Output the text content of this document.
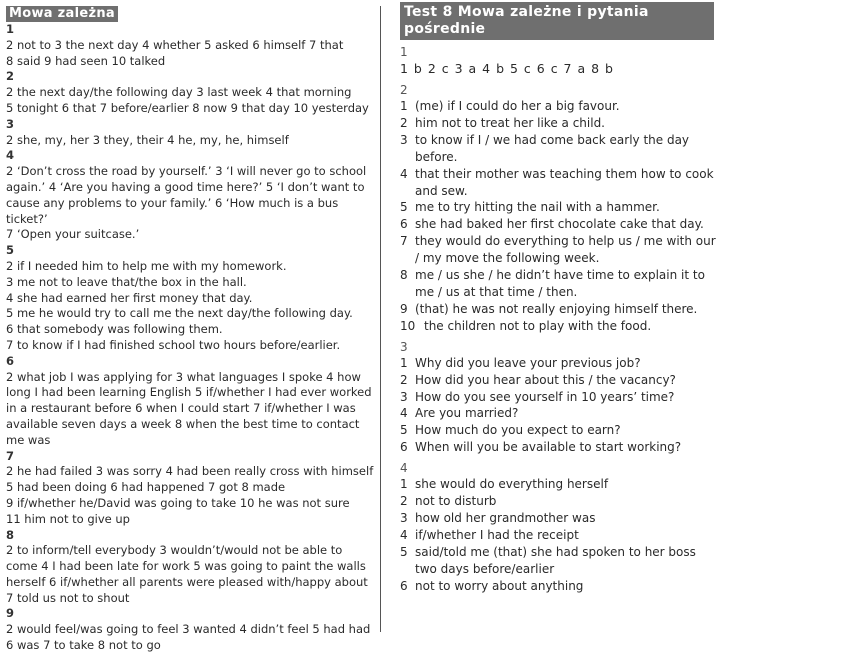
Mowa zależna
1
2 not to 3 the next day 4 whether 5 asked 6 himself 7 that
8 said 9 had seen 10 talked
2
2 the next day/the following day 3 last week 4 that morning
5 tonight 6 that 7 before/earlier 8 now 9 that day 10 yesterday
3
2 she, my, her 3 they, their 4 he, my, he, himself
4
2 ‘Don’t cross the road by yourself.’ 3 ‘I will never go to school
again.’ 4 ‘Are you having a good time here?’ 5 ‘I don’t want to
cause any problems to your family.’ 6 ‘How much is a bus ticket?’
7 ‘Open your suitcase.’
5
2 if I needed him to help me with my homework.
3 me not to leave that/the box in the hall.
4 she had earned her first money that day.
5 me he would try to call me the next day/the following day.
6 that somebody was following them.
7 to know if I had finished school two hours before/earlier.
6
2 what job I was applying for 3 what languages I spoke 4 how
long I had been learning English 5 if/whether I had ever worked
in a restaurant before 6 when I could start 7 if/whether I was
available seven days a week 8 when the best time to contact me was
7
2 he had failed 3 was sorry 4 had been really cross with himself
5 had been doing 6 had happened 7 got 8 made
9 if/whether he/David was going to take 10 he was not sure
11 him not to give up
8
2 to inform/tell everybody 3 wouldn’t/would not be able to
come 4 I had been late for work 5 was going to paint the walls
herself 6 if/whether all parents were pleased with/happy about
7 told us not to shout
9
2 would feel/was going to feel 3 wanted 4 didn’t feel 5 had had
6 was 7 to take 8 not to go
Test 8 Mowa zależne i pytania pośrednie
1
1 b 2 c 3 a 4 b 5 c 6 c 7 a 8 b
2
1 (me) if I could do her a big favour.
2 him not to treat her like a child.
3 to know if I / we had come back early the day before.
4 that their mother was teaching them how to cook and sew.
5 me to try hitting the nail with a hammer.
6 she had baked her first chocolate cake that day.
7 they would do everything to help us / me with our / my move the following week.
8 me / us she / he didn’t have time to explain it to me / us at that time / then.
9 (that) he was not really enjoying himself there.
10 the children not to play with the food.
3
1 Why did you leave your previous job?
2 How did you hear about this / the vacancy?
3 How do you see yourself in 10 years’ time?
4 Are you married?
5 How much do you expect to earn?
6 When will you be available to start working?
4
1 she would do everything herself
2 not to disturb
3 how old her grandmother was
4 if/whether I had the receipt
5 said/told me (that) she had spoken to her boss two days before/earlier
6 not to worry about anything
